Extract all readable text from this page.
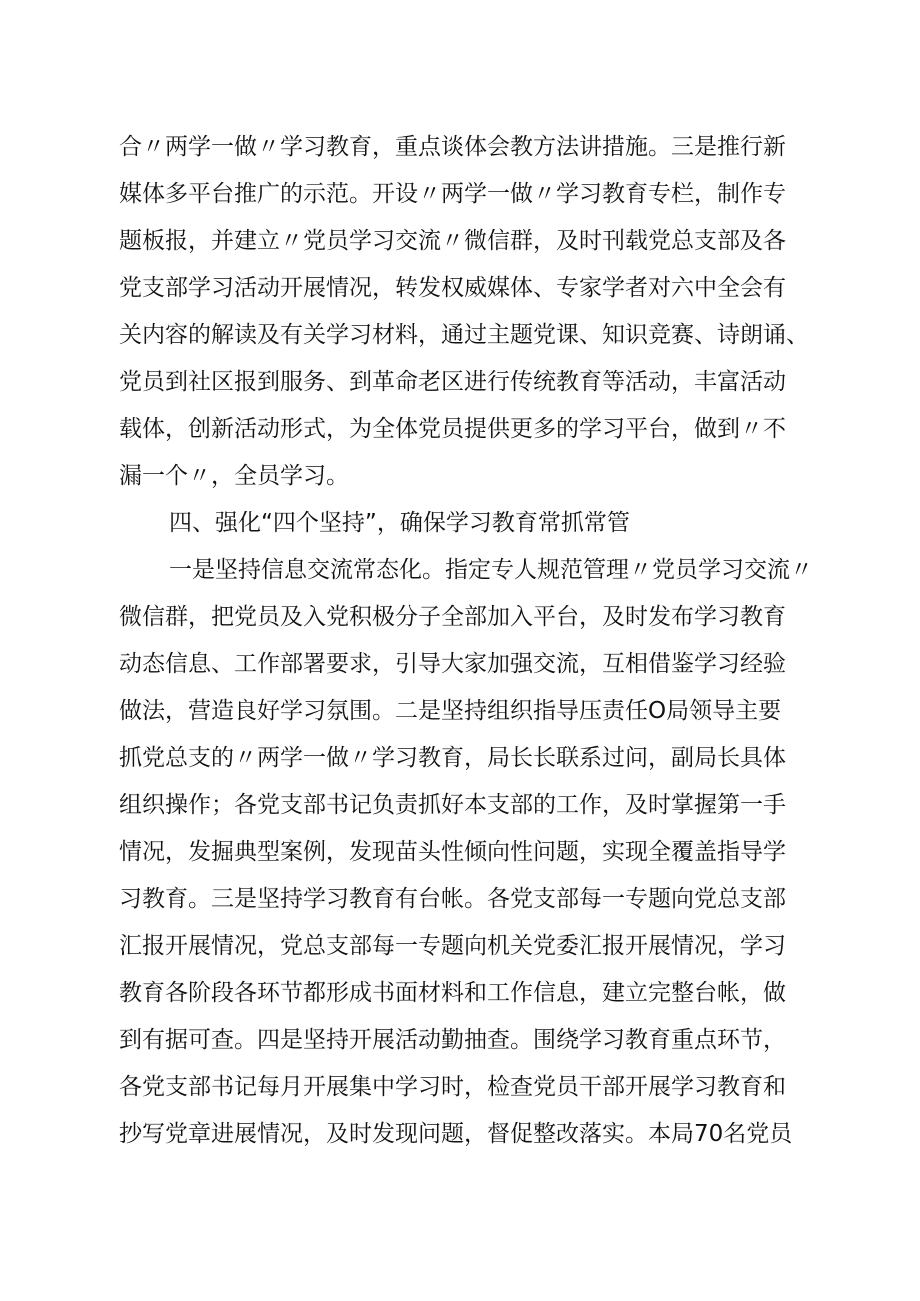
合〃两学一做〃学习教育，重点谈体会教方法讲措施。三是推行新
媒体多平台推广的示范。开设〃两学一做〃学习教育专栏，制作专
题板报，并建立〃党员学习交流〃微信群，及时刊载党总支部及各
党支部学习活动开展情况，转发权威媒体、专家学者对六中全会有
关内容的解读及有关学习材料，通过主题党课、知识竞赛、诗朗诵、
党员到社区报到服务、到革命老区进行传统教育等活动，丰富活动
载体，创新活动形式，为全体党员提供更多的学习平台，做到〃不
漏一个〃，全员学习。
四、强化“四个坚持”，确保学习教育常抓常管
一是坚持信息交流常态化。指定专人规范管理〃党员学习交流〃
微信群，把党员及入党积极分子全部加入平台，及时发布学习教育
动态信息、工作部署要求，引导大家加强交流，互相借鉴学习经验
做法，营造良好学习氛围。二是坚持组织指导压责任O局领导主要
抓党总支的〃两学一做〃学习教育，局长长联系过问，副局长具体
组织操作；各党支部书记负责抓好本支部的工作，及时掌握第一手
情况，发掘典型案例，发现苗头性倾向性问题，实现全覆盖指导学
习教育。三是坚持学习教育有台帐。各党支部每一专题向党总支部
汇报开展情况，党总支部每一专题向机关党委汇报开展情况，学习
教育各阶段各环节都形成书面材料和工作信息，建立完整台帐，做
到有据可查。四是坚持开展活动勤抽查。围绕学习教育重点环节，
各党支部书记每月开展集中学习时，检查党员干部开展学习教育和
抄写党章进展情况，及时发现问题，督促整改落实。本局70名党员
